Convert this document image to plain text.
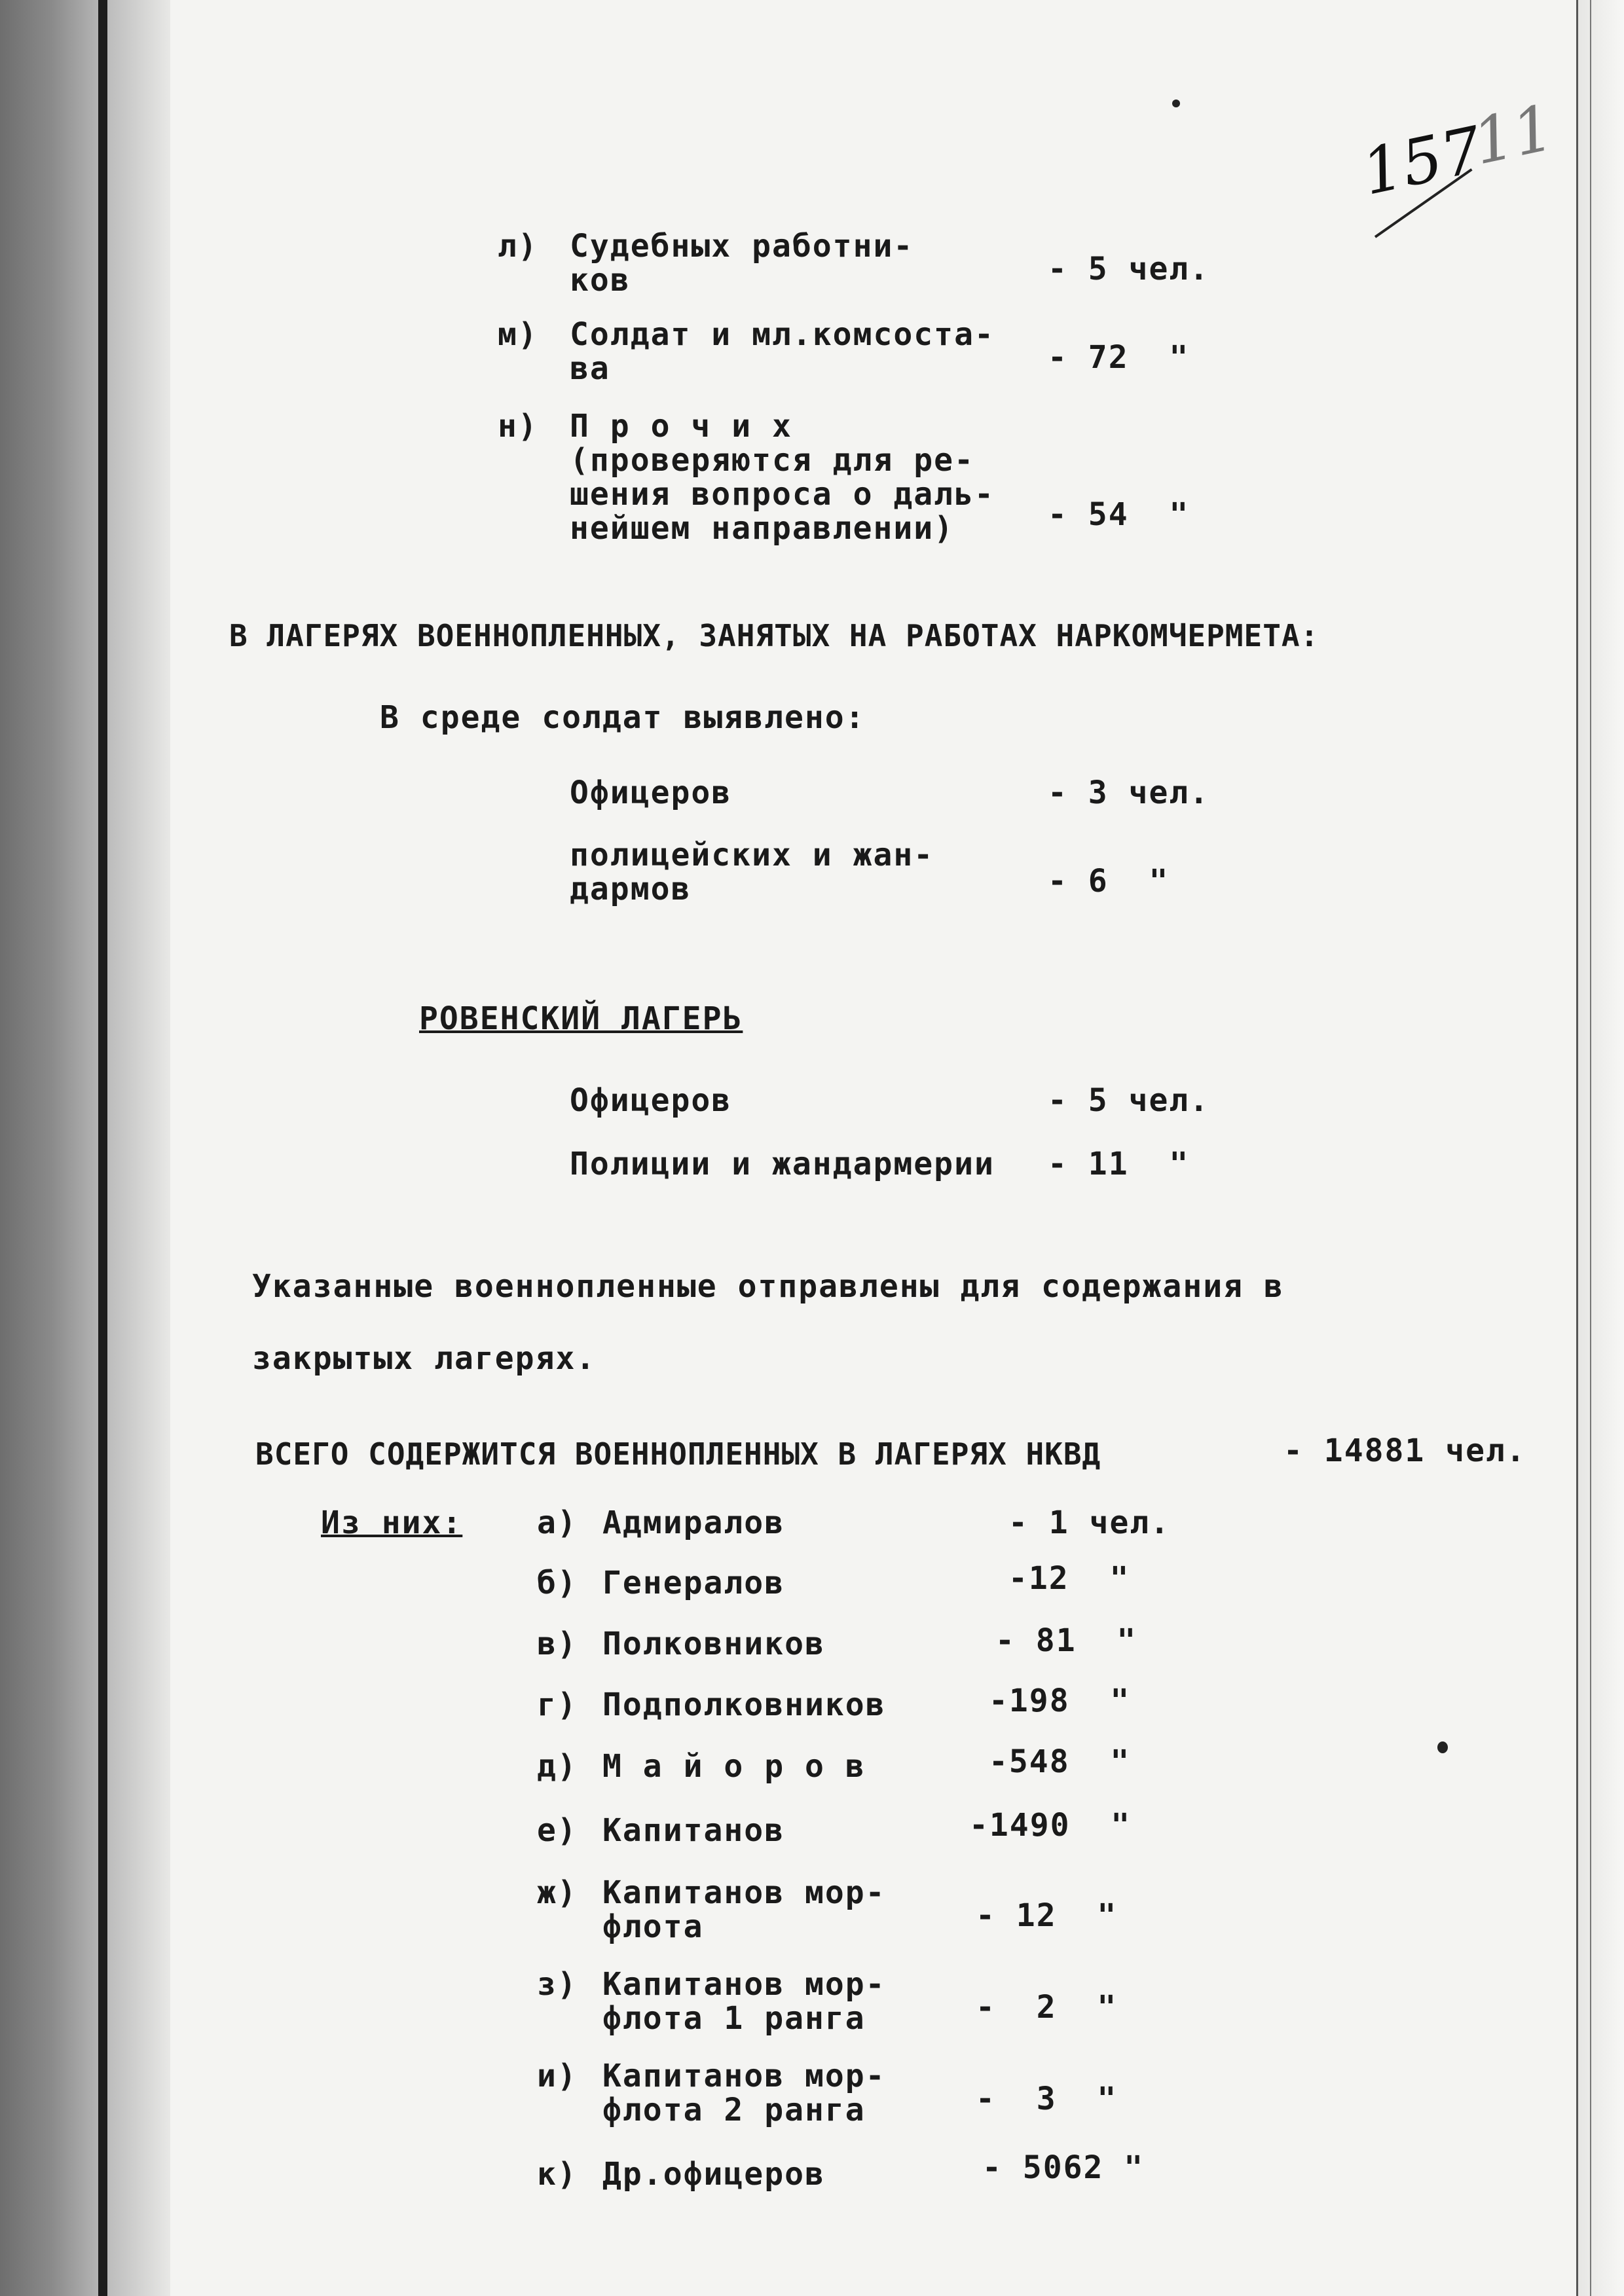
157
11
л) Судебных работни-
ков	- 5 чел.
м) Солдат и мл.комсоста-
ва	- 72  "
н) П р о ч и х
(проверяются для ре-
шения вопроса о даль-
нейшем направлении)	- 54  "
В ЛАГЕРЯХ ВОЕННОПЛЕННЫХ, ЗАНЯТЫХ НА РАБОТАХ НАРКОМЧЕРМЕТА:
В среде солдат выявлено:
Офицеров	- 3 чел.
полицейских и жан-
дармов	- 6  "
РОВЕНСКИЙ ЛАГЕРЬ
Офицеров	- 5 чел.
Полиции и жандармерии - 11  "
Указанные военнопленные отправлены для содержания в
закрытых лагерях.
ВСЕГО СОДЕРЖИТСЯ ВОЕННОПЛЕННЫХ В ЛАГЕРЯХ НКВД	- 14881 чел.
Из них: а) Адмиралов	- 1 чел.
б) Генералов	-12  "
в) Полковников	- 81  "
г) Подполковников	-198  "
д) М а й о р о в	-548  "
е) Капитанов	-1490  "
ж) Капитанов мор-
флота	- 12  "
з) Капитанов мор-
флота 1 ранга	-  2  "
и) Капитанов мор-
флота 2 ранга	-  3  "
к) Др.офицеров	- 5062 "
